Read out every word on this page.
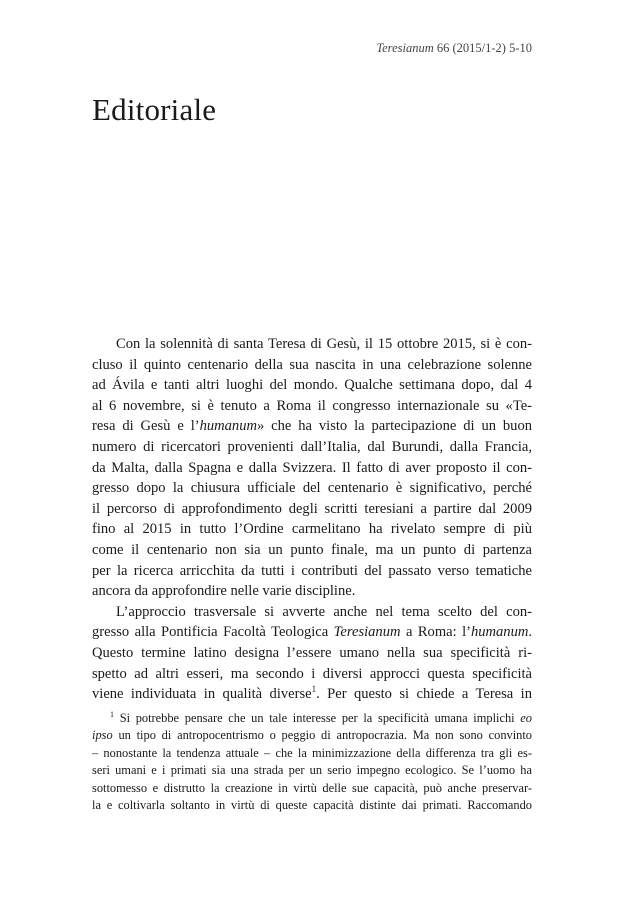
Teresianum 66 (2015/1-2) 5-10
Editoriale
Con la solennità di santa Teresa di Gesù, il 15 ottobre 2015, si è con-
cluso il quinto centenario della sua nascita in una celebrazione solenne
ad Ávila e tanti altri luoghi del mondo. Qualche settimana dopo, dal 4
al 6 novembre, si è tenuto a Roma il congresso internazionale su «Te-
resa di Gesù e l’humanum» che ha visto la partecipazione di un buon
numero di ricercatori provenienti dall’Italia, dal Burundi, dalla Francia,
da Malta, dalla Spagna e dalla Svizzera. Il fatto di aver proposto il con-
gresso dopo la chiusura ufficiale del centenario è significativo, perché
il percorso di approfondimento degli scritti teresiani a partire dal 2009
fino al 2015 in tutto l’Ordine carmelitano ha rivelato sempre di più
come il centenario non sia un punto finale, ma un punto di partenza
per la ricerca arricchita da tutti i contributi del passato verso tematiche
ancora da approfondire nelle varie discipline.
L’approccio trasversale si avverte anche nel tema scelto del con-
gresso alla Pontificia Facoltà Teologica Teresianum a Roma: l’humanum.
Questo termine latino designa l’essere umano nella sua specificità ri-
spetto ad altri esseri, ma secondo i diversi approcci questa specificità
viene individuata in qualità diverse$^1$. Per questo si chiede a Teresa in
$^1$ Si potrebbe pensare che un tale interesse per la specificità umana implichi eo
ipso un tipo di antropocentrismo o peggio di antropocrazia. Ma non sono convinto
– nonostante la tendenza attuale – che la minimizzazione della differenza tra gli es-
seri umani e i primati sia una strada per un serio impegno ecologico. Se l’uomo ha
sottomesso e distrutto la creazione in virtù delle sue capacità, può anche preservar-
la e coltivarla soltanto in virtù di queste capacità distinte dai primati. Raccomando
